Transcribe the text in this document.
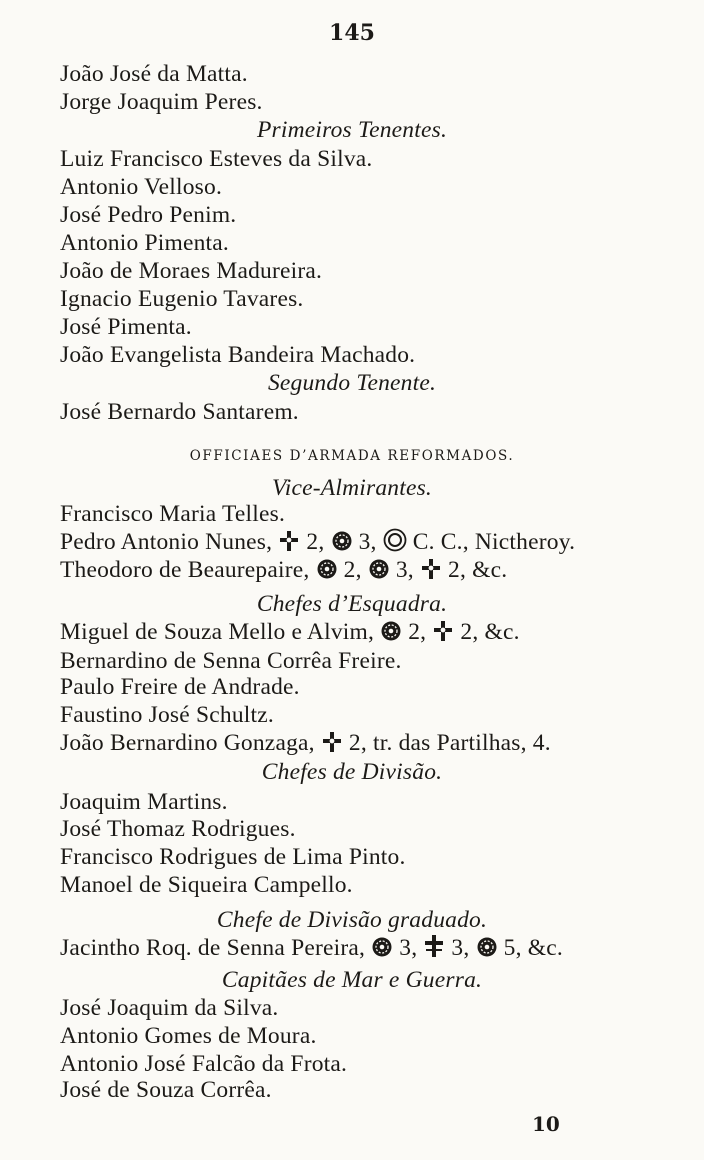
145
João José da Matta.
Jorge Joaquim Peres.
Primeiros Tenentes.
Luiz Francisco Esteves da Silva.
Antonio Velloso.
José Pedro Penim.
Antonio Pimenta.
João de Moraes Madureira.
Ignacio Eugenio Tavares.
José Pimenta.
João Evangelista Bandeira Machado.
Segundo Tenente.
José Bernardo Santarem.
OFFICIAES D’ARMADA REFORMADOS.
Vice-Almirantes.
Francisco Maria Telles.
Pedro Antonio Nunes,  2,  3,  C. C., Nictheroy.
Theodoro de Beaurepaire,  2,  3,  2, &c.
Chefes d’Esquadra.
Miguel de Souza Mello e Alvim,  2,  2, &c.
Bernardino de Senna Corrêa Freire.
Paulo Freire de Andrade.
Faustino José Schultz.
João Bernardino Gonzaga,  2, tr. das Partilhas, 4.
Chefes de Divisão.
Joaquim Martins.
José Thomaz Rodrigues.
Francisco Rodrigues de Lima Pinto.
Manoel de Siqueira Campello.
Chefe de Divisão graduado.
Jacintho Roq. de Senna Pereira,  3,  3,  5, &c.
Capitães de Mar e Guerra.
José Joaquim da Silva.
Antonio Gomes de Moura.
Antonio José Falcão da Frota.
José de Souza Corrêa.
10
